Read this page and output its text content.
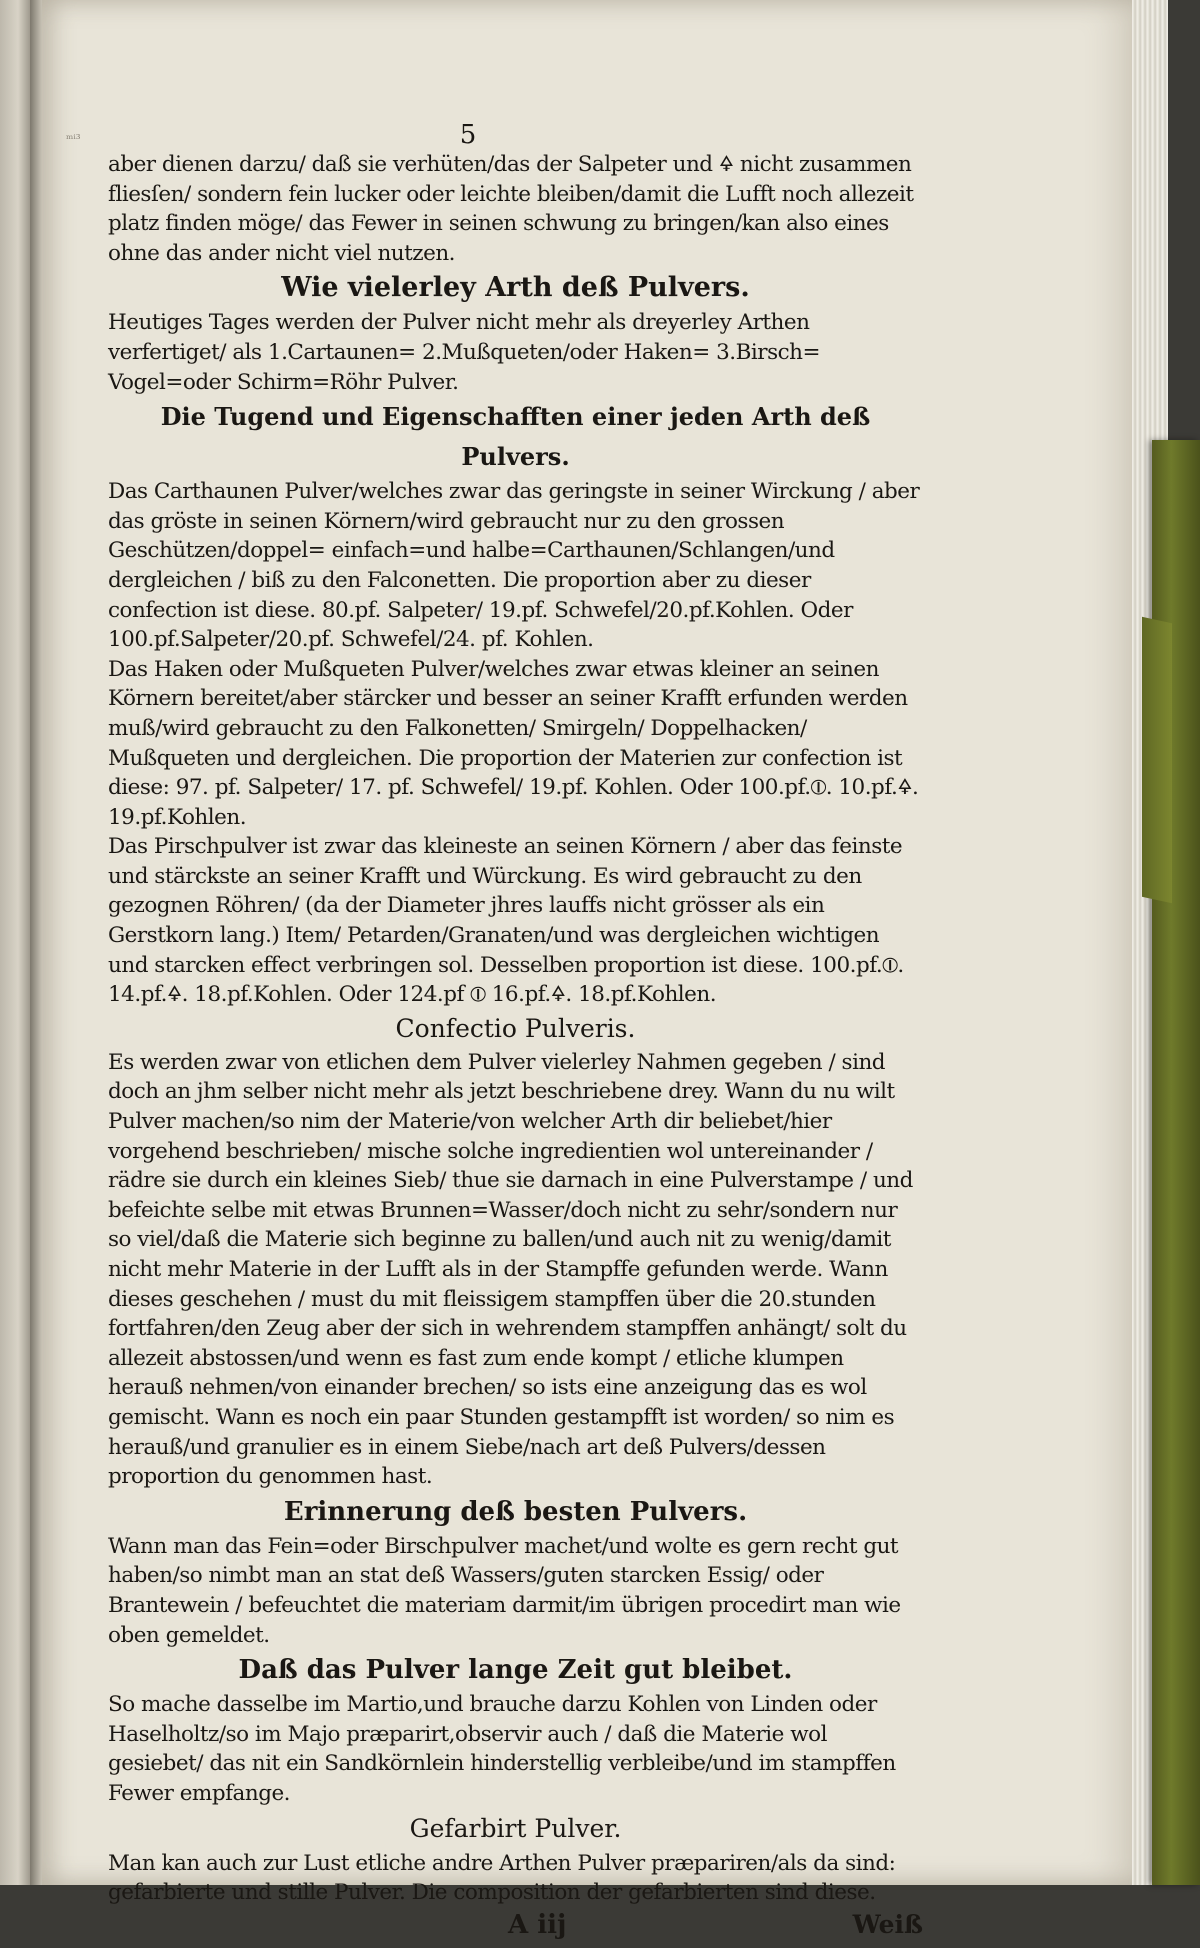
ᵐⁱ³	5

aber dienen darzu/ daß sie verhüten/das der Salpeter und 🜍 nicht zusammen fliesſen/ sondern fein lucker oder leichte bleiben/damit die Lufft noch allezeit platz finden möge/ das Fewer in seinen schwung zu bringen/kan also eines ohne das ander nicht viel nutzen.

Wie vielerley Arth deß Pulvers.

Heutiges Tages werden der Pulver nicht mehr als dreyerley Arthen verfertiget/ als 1.Cartaunen= 2.Mußqueten/oder Haken= 3.Birsch= Vogel=oder Schirm=Röhr Pulver.

Die Tugend und Eigenschafften einer jeden Arth deß Pulvers.

Das Carthaunen Pulver/welches zwar das geringste in seiner Wirckung / aber das gröste in seinen Körnern/wird gebraucht nur zu den grossen Geschützen/doppel= einfach=und halbe=Carthaunen/Schlangen/und dergleichen / biß zu den Falconetten. Die proportion aber zu dieser confection ist diese. 80.pf. Salpeter/ 19.pf. Schwefel/20.pf.Kohlen. Oder 100.pf.Salpeter/20.pf. Schwefel/24. pf. Kohlen.

Das Haken oder Mußqueten Pulver/welches zwar etwas kleiner an seinen Körnern bereitet/aber stärcker und besser an seiner Krafft erfunden werden muß/wird gebraucht zu den Falkonetten/ Smirgeln/ Doppelhacken/ Mußqueten und dergleichen. Die proportion der Materien zur confection ist diese: 97. pf. Salpeter/ 17. pf. Schwefel/ 19.pf. Kohlen. Oder 100.pf.⦶. 10.pf.🜍. 19.pf.Kohlen.

Das Pirschpulver ist zwar das kleineste an seinen Körnern / aber das feinste und stärckste an seiner Krafft und Würckung. Es wird gebraucht zu den gezognen Röhren/ (da der Diameter jhres lauffs nicht grösser als ein Gerstkorn lang.) Item/ Petarden/Granaten/und was dergleichen wichtigen und starcken effect verbringen sol. Desselben proportion ist diese. 100.pf.⦶. 14.pf.🜍. 18.pf.Kohlen. Oder 124.pf ⦶ 16.pf.🜍. 18.pf.Kohlen.

Confectio Pulveris.

Es werden zwar von etlichen dem Pulver vielerley Nahmen gegeben / sind doch an jhm selber nicht mehr als jetzt beschriebene drey. Wann du nu wilt Pulver machen/so nim der Materie/von welcher Arth dir beliebet/hier vorgehend beschrieben/ mische solche ingredientien wol untereinander / rädre sie durch ein kleines Sieb/ thue sie darnach in eine Pulverstampe / und befeichte selbe mit etwas Brunnen=Wasser/doch nicht zu sehr/sondern nur so viel/daß die Materie sich beginne zu ballen/und auch nit zu wenig/damit nicht mehr Materie in der Lufft als in der Stampffe gefunden werde. Wann dieses geschehen / must du mit fleissigem stampffen über die 20.stunden fortfahren/den Zeug aber der sich in wehrendem stampffen anhängt/ solt du allezeit abstossen/und wenn es fast zum ende kompt / etliche klumpen herauß nehmen/von einander brechen/ so ists eine anzeigung das es wol gemischt. Wann es noch ein paar Stunden gestampfft ist worden/ so nim es herauß/und granulier es in einem Siebe/nach art deß Pulvers/dessen proportion du genommen hast.

Erinnerung deß besten Pulvers.

Wann man das Fein=oder Birschpulver machet/und wolte es gern recht gut haben/so nimbt man an stat deß Wassers/guten starcken Essig/ oder Brantewein / befeuchtet die materiam darmit/im übrigen procedirt man wie oben gemeldet.

Daß das Pulver lange Zeit gut bleibet.

So mache dasselbe im Martio,und brauche darzu Kohlen von Linden oder Haselholtz/so im Majo præparirt,observir auch / daß die Materie wol gesiebet/ das nit ein Sandkörnlein hinderstellig verbleibe/und im stampffen Fewer empfange.

Gefarbirt Pulver.

Man kan auch zur Lust etliche andre Arthen Pulver præpariren/als da sind: gefarbierte und stille Pulver. Die composition der gefarbierten sind diese.

A iij	Weiß
